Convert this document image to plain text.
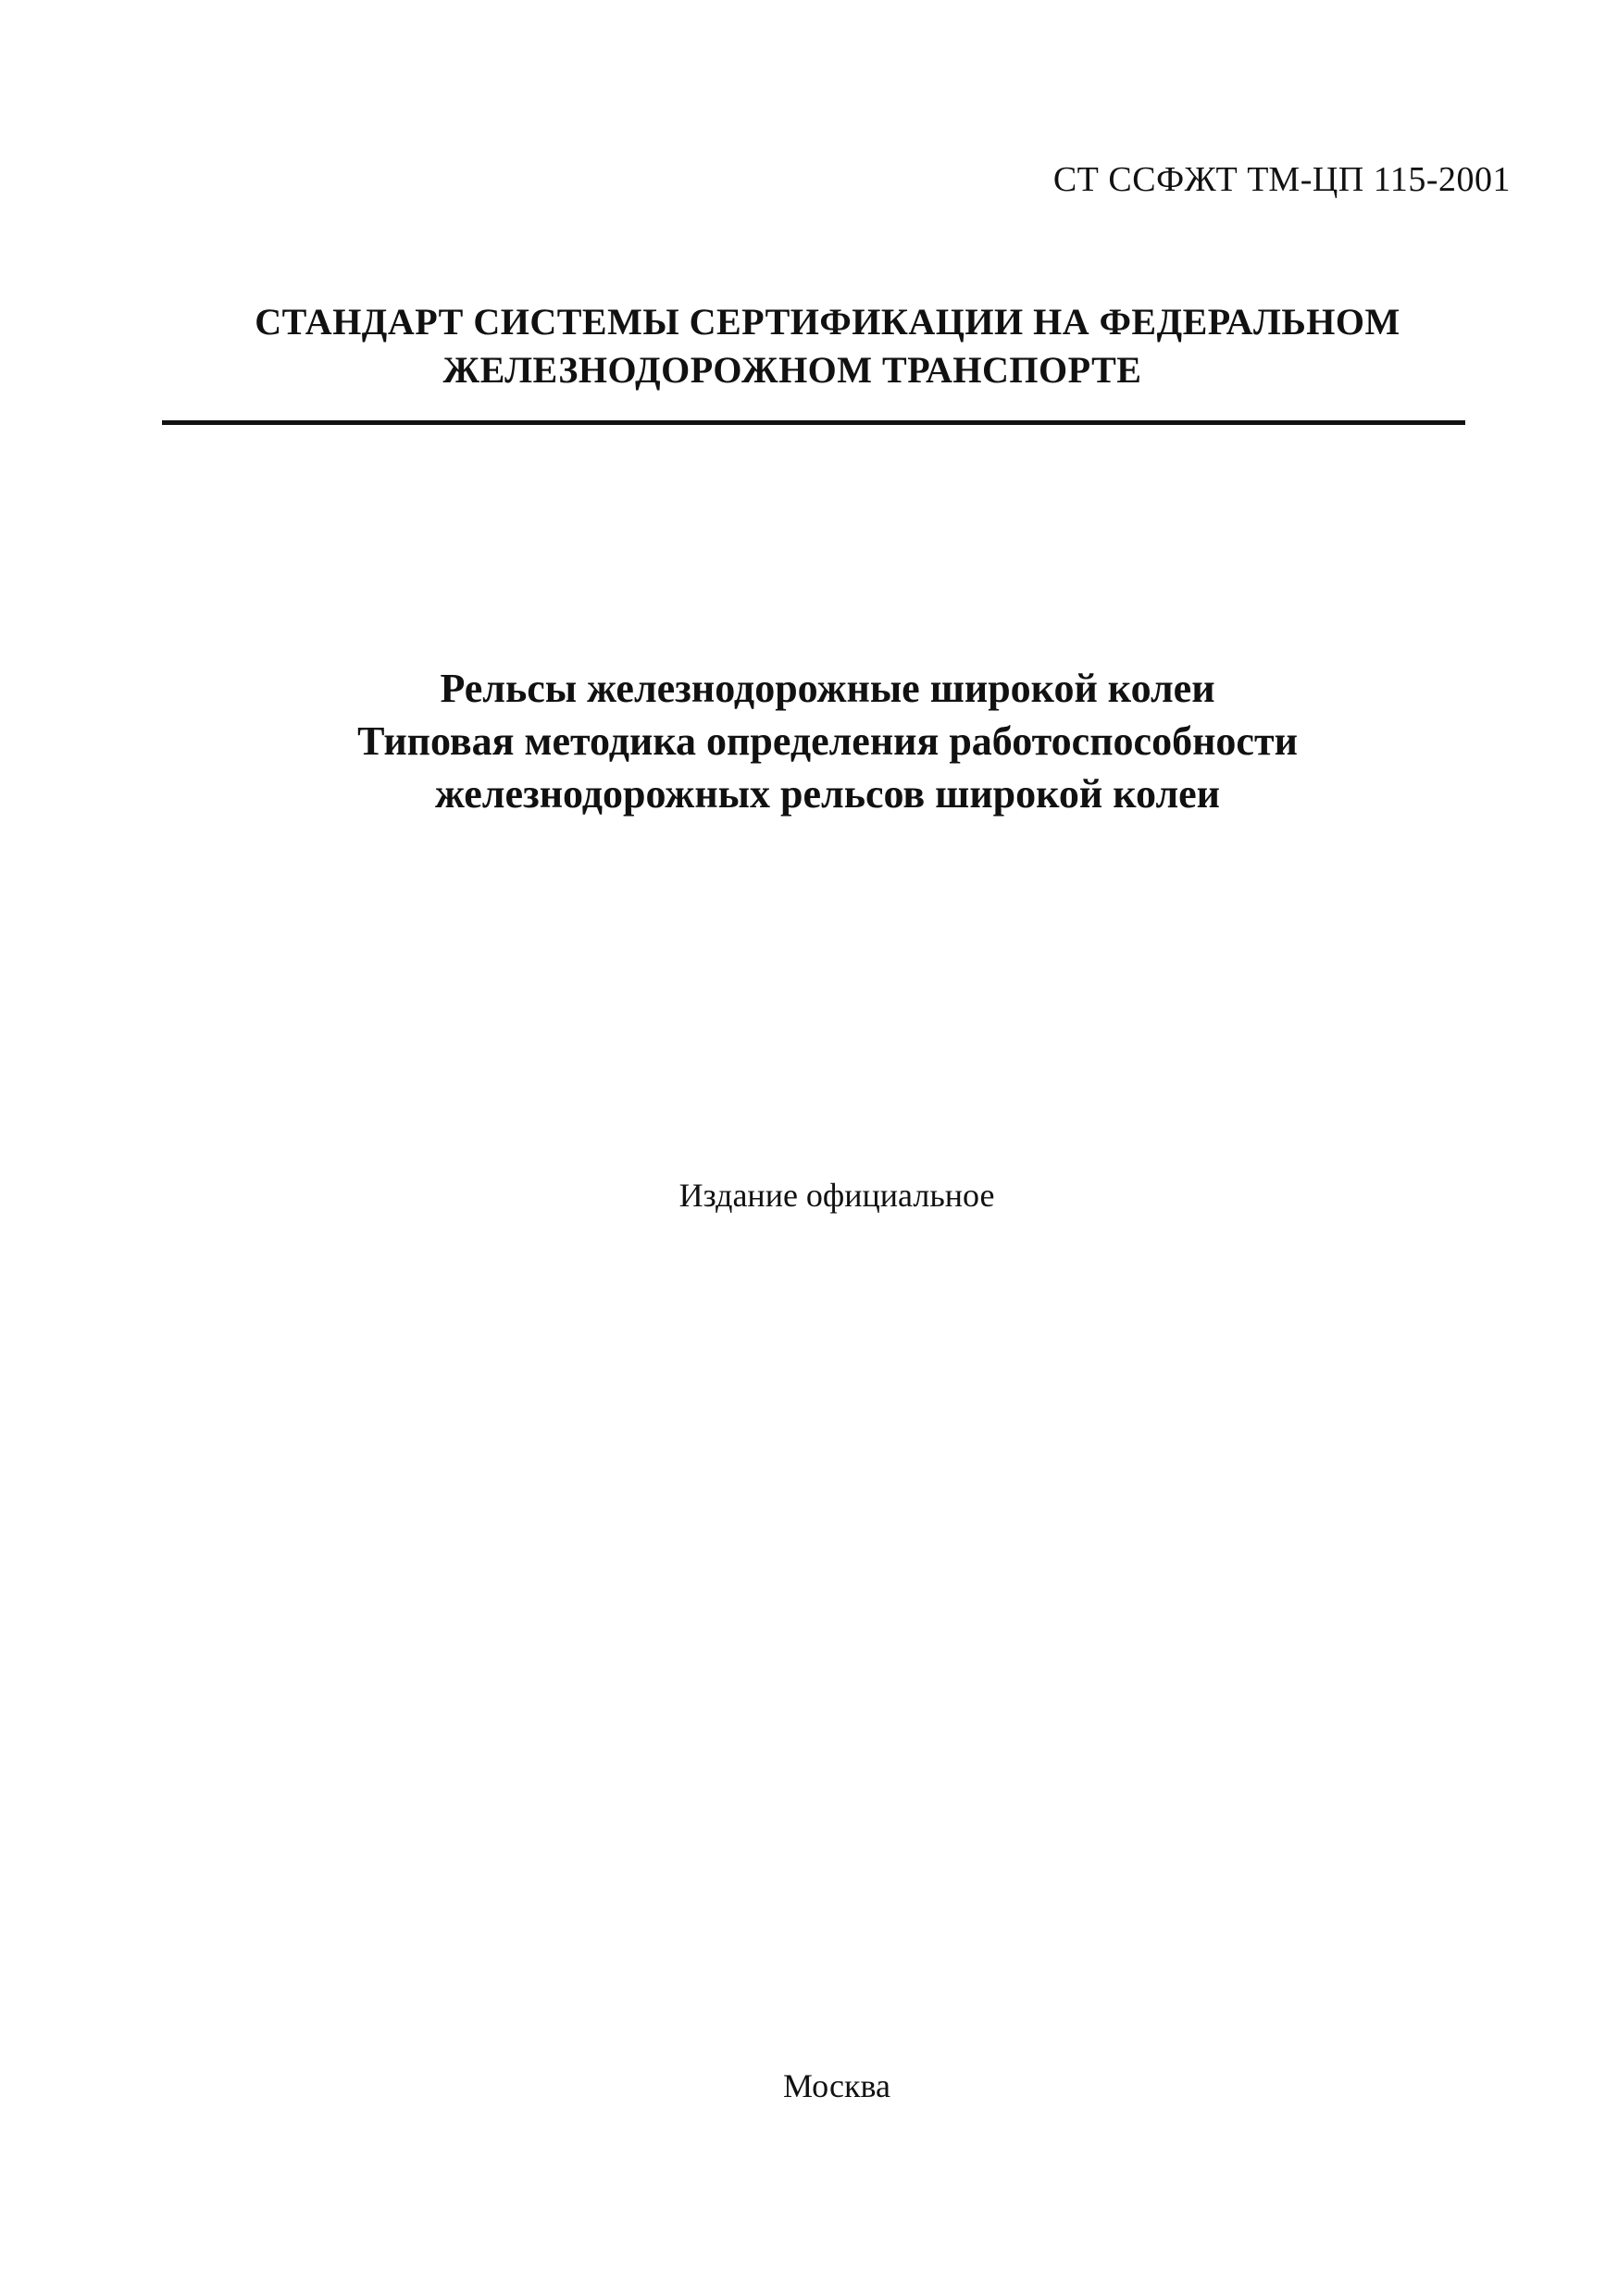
СТ ССФЖТ ТМ-ЦП 115-2001
СТАНДАРТ СИСТЕМЫ СЕРТИФИКАЦИИ НА ФЕДЕРАЛЬНОМ
ЖЕЛЕЗНОДОРОЖНОМ ТРАНСПОРТЕ
Рельсы железнодорожные широкой колеи
Типовая методика определения работоспособности
железнодорожных рельсов широкой колеи
Издание официальное
Москва
